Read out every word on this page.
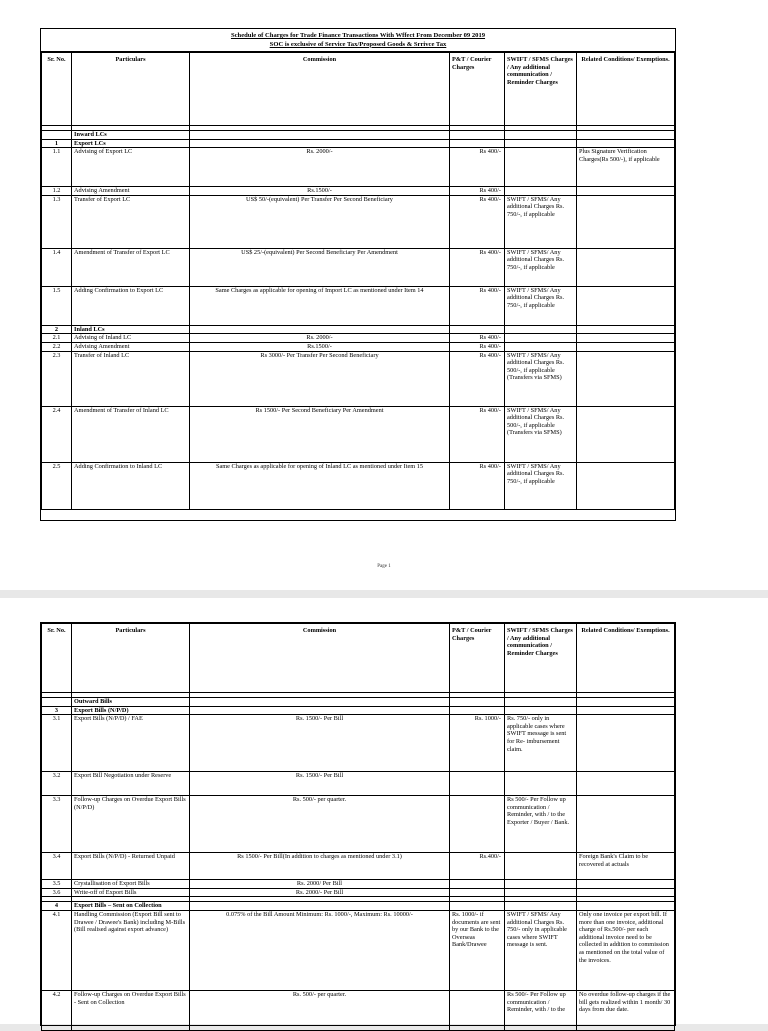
Schedule of Charges for Trade Finance Transactions With Wffect From December 09 2019
SOC is exclusive of Service Tax/Proposed Goods & Srrivce Tax
Sr. No.	Particulars	Commission	P&T / Courier Charges	SWIFT / SFMS Charges / Any additional communication / Reminder Charges	Related Conditions/ Exemptions.

	Inward LCs				
1	Export LCs				
1.1	Advising of Export LC	Rs. 2000/-	Rs 400/-		Plus Signature Verification Charges(Rs 500/-), if applicable
1.2	Advising Amendment	Rs.1500/-	Rs 400/-		
1.3	Transfer of Export LC	US$ 50/-(equivalent) Per Transfer Per Second Beneficiary	Rs 400/-	SWIFT / SFMS/ Any additional Charges Rs. 750/-, if applicable	
1.4	Amendment of Transfer of Export LC	US$ 25/-(equivalent) Per Second Beneficiary Per Amendment	Rs 400/-	SWIFT / SFMS/ Any additional Charges Rs. 750/-, if applicable	
1.5	Adding Confirmation to Export LC	Same Charges as applicable for opening of Import LC as mentioned under Item 14	Rs 400/-	SWIFT / SFMS/ Any additional Charges Rs. 750/-, if applicable	
2	Inland LCs				
2.1	Advising of Inland LC	Rs. 2000/-	Rs 400/-		
2.2	Advising Amendment	Rs.1500/-	Rs 400/-		
2.3	Transfer of Inland LC	Rs 3000/- Per Transfer Per Second Beneficiary	Rs 400/-	SWIFT / SFMS/ Any additional Charges Rs. 500/-, if applicable (Transfers via SFMS)	
2.4	Amendment of Transfer of Inland LC	Rs 1500/- Per Second Beneficiary Per Amendment	Rs 400/-	SWIFT / SFMS/ Any additional Charges Rs. 500/-, if applicable (Transfers via SFMS)	
2.5	Adding Confirmation to Inland LC	Same Charges as applicable for opening of Inland LC as mentioned under Item 15	Rs 400/-	SWIFT / SFMS/ Any additional Charges Rs. 750/-, if applicable	
Page 1
Sr. No.	Particulars	Commission	P&T / Courier Charges	SWIFT / SFMS Charges / Any additional communication / Reminder Charges	Related Conditions/ Exemptions.

	Outward Bills				
3	Export Bills (N/P/D)				
3.1	Export Bills (N/P/D) / FAE	Rs. 1500/- Per Bill	Rs. 1000/-	Rs. 750/- only in applicable cases where SWIFT message is sent for Re- imbursement claim.	
3.2	Export Bill Negotiation under Reserve	Rs. 1500/- Per Bill			
3.3	Follow-up Charges on Overdue Export Bills (N/P/D)	Rs. 500/- per quarter.		Rs 500/- Per Follow up communication / Reminder, with / to the Exporter / Buyer / Bank.	
3.4	Export Bills (N/P/D) - Returned Unpaid	Rs 1500/- Per Bill(In addition to charges as mentioned under 3.1)	Rs.400/-		Foreign Bank's Claim to be recovered at actuals
3.5	Crystallisation of Export Bills	Rs. 2000/ Per Bill			
3.6	Write-off of Export Bills	Rs. 2000/- Per Bill			

4	Export Bills – Sent on Collection				
4.1	Handling Commission (Export Bill sent to Drawee / Drawee's Bank) including M-Bills (Bill realised against export advance)	0.075% of the Bill Amount Minimum: Rs. 1000/-, Maximum: Rs. 10000/-	Rs. 1000/- if documents are sent by our Bank to the Overseas Bank/Drawee	SWIFT / SFMS/ Any additional Charges Rs. 750/- only in applicable cases where SWIFT message is sent.	Only one invoice per export bill. If more than one invoice, additional charge of Rs.500/- per each additional invoice need to be collected in addition to commission as mentioned on the total value of the invoices.
4.2	Follow-up Charges on Overdue Export Bills - Sent on Collection	Rs. 500/- per quarter.		Rs 500/- Per Follow up communication / Reminder, with / to the	No overdue follow-up charges if the bill gets realized within 1 month/ 30 days from due date.
